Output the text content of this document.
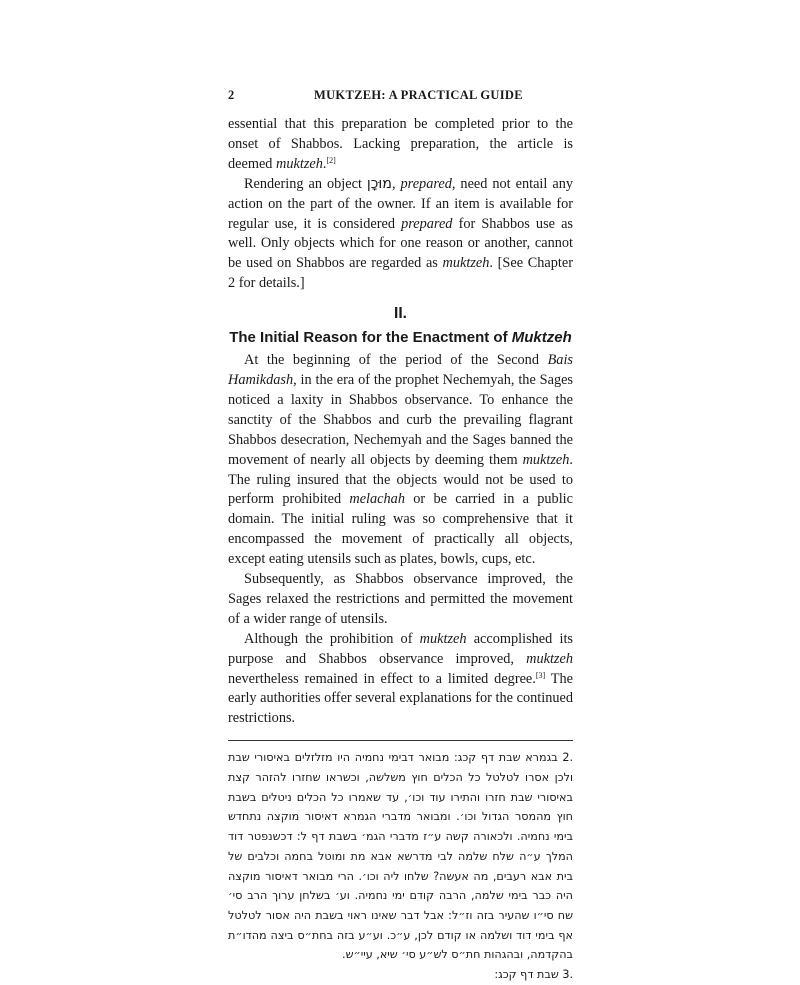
2	MUKTZEH: A PRACTICAL GUIDE

essential that this preparation be completed prior to the onset of Shabbos. Lacking preparation, the article is deemed muktzeh.[2]

Rendering an object מוּכָן, prepared, need not entail any action on the part of the owner. If an item is available for regular use, it is considered prepared for Shabbos use as well. Only objects which for one reason or another, cannot be used on Shabbos are regarded as muktzeh. [See Chapter 2 for details.]

II.
The Initial Reason for the Enactment of Muktzeh

At the beginning of the period of the Second Bais Hamikdash, in the era of the prophet Nechemyah, the Sages noticed a laxity in Shabbos observance. To enhance the sanctity of the Shabbos and curb the prevailing flagrant Shabbos desecration, Nechemyah and the Sages banned the movement of nearly all objects by deeming them muktzeh. The ruling insured that the objects would not be used to perform prohibited melachah or be carried in a public domain. The initial ruling was so comprehensive that it encompassed the movement of practically all objects, except eating utensils such as plates, bowls, cups, etc.

Subsequently, as Shabbos observance improved, the Sages relaxed the restrictions and permitted the movement of a wider range of utensils.

Although the prohibition of muktzeh accomplished its purpose and Shabbos observance improved, muktzeh nevertheless remained in effect to a limited degree.[3] The early authorities offer several explanations for the continued restrictions.

.2 בגמרא שבת דף קכג: מבואר דבימי נחמיה היו מזלזלים באיסורי שבת ולכן אסרו לטלטל כל הכלים חוץ משלשה, וכשראו שחזרו להזהר קצת באיסורי שבת חזרו והתירו עוד וכו׳, עד שאמרו כל הכלים ניטלים בשבת חוץ מהמסר הגדול וכו׳. ומבואר מדברי הגמרא דאיסור מוקצה נתחדש בימי נחמיה. ולכאורה קשה ע״ז מדברי הגמ׳ בשבת דף ל: דכשנפטר דוד המלך ע״ה שלח שלמה לבי מדרשא אבא מת ומוטל בחמה וכלבים של בית אבא רעבים, מה אעשה? שלחו ליה וכו׳. הרי מבואר דאיסור מוקצה היה כבר בימי שלמה, הרבה קודם ימי נחמיה. וע׳ בשלחן ערוך הרב סי׳ שח סי״ו שהעיר בזה וז״ל: אבל דבר שאינו ראוי בשבת היה אסור לטלטל אף בימי דוד ושלמה או קודם לכן, ע״כ. וע״ע בזה בחת״ס ביצה מהדו״ת בהקדמה, ובהגהות חת״ס לש״ע סי׳ שיא, עיי״ש.

.3 שבת דף קכג:
